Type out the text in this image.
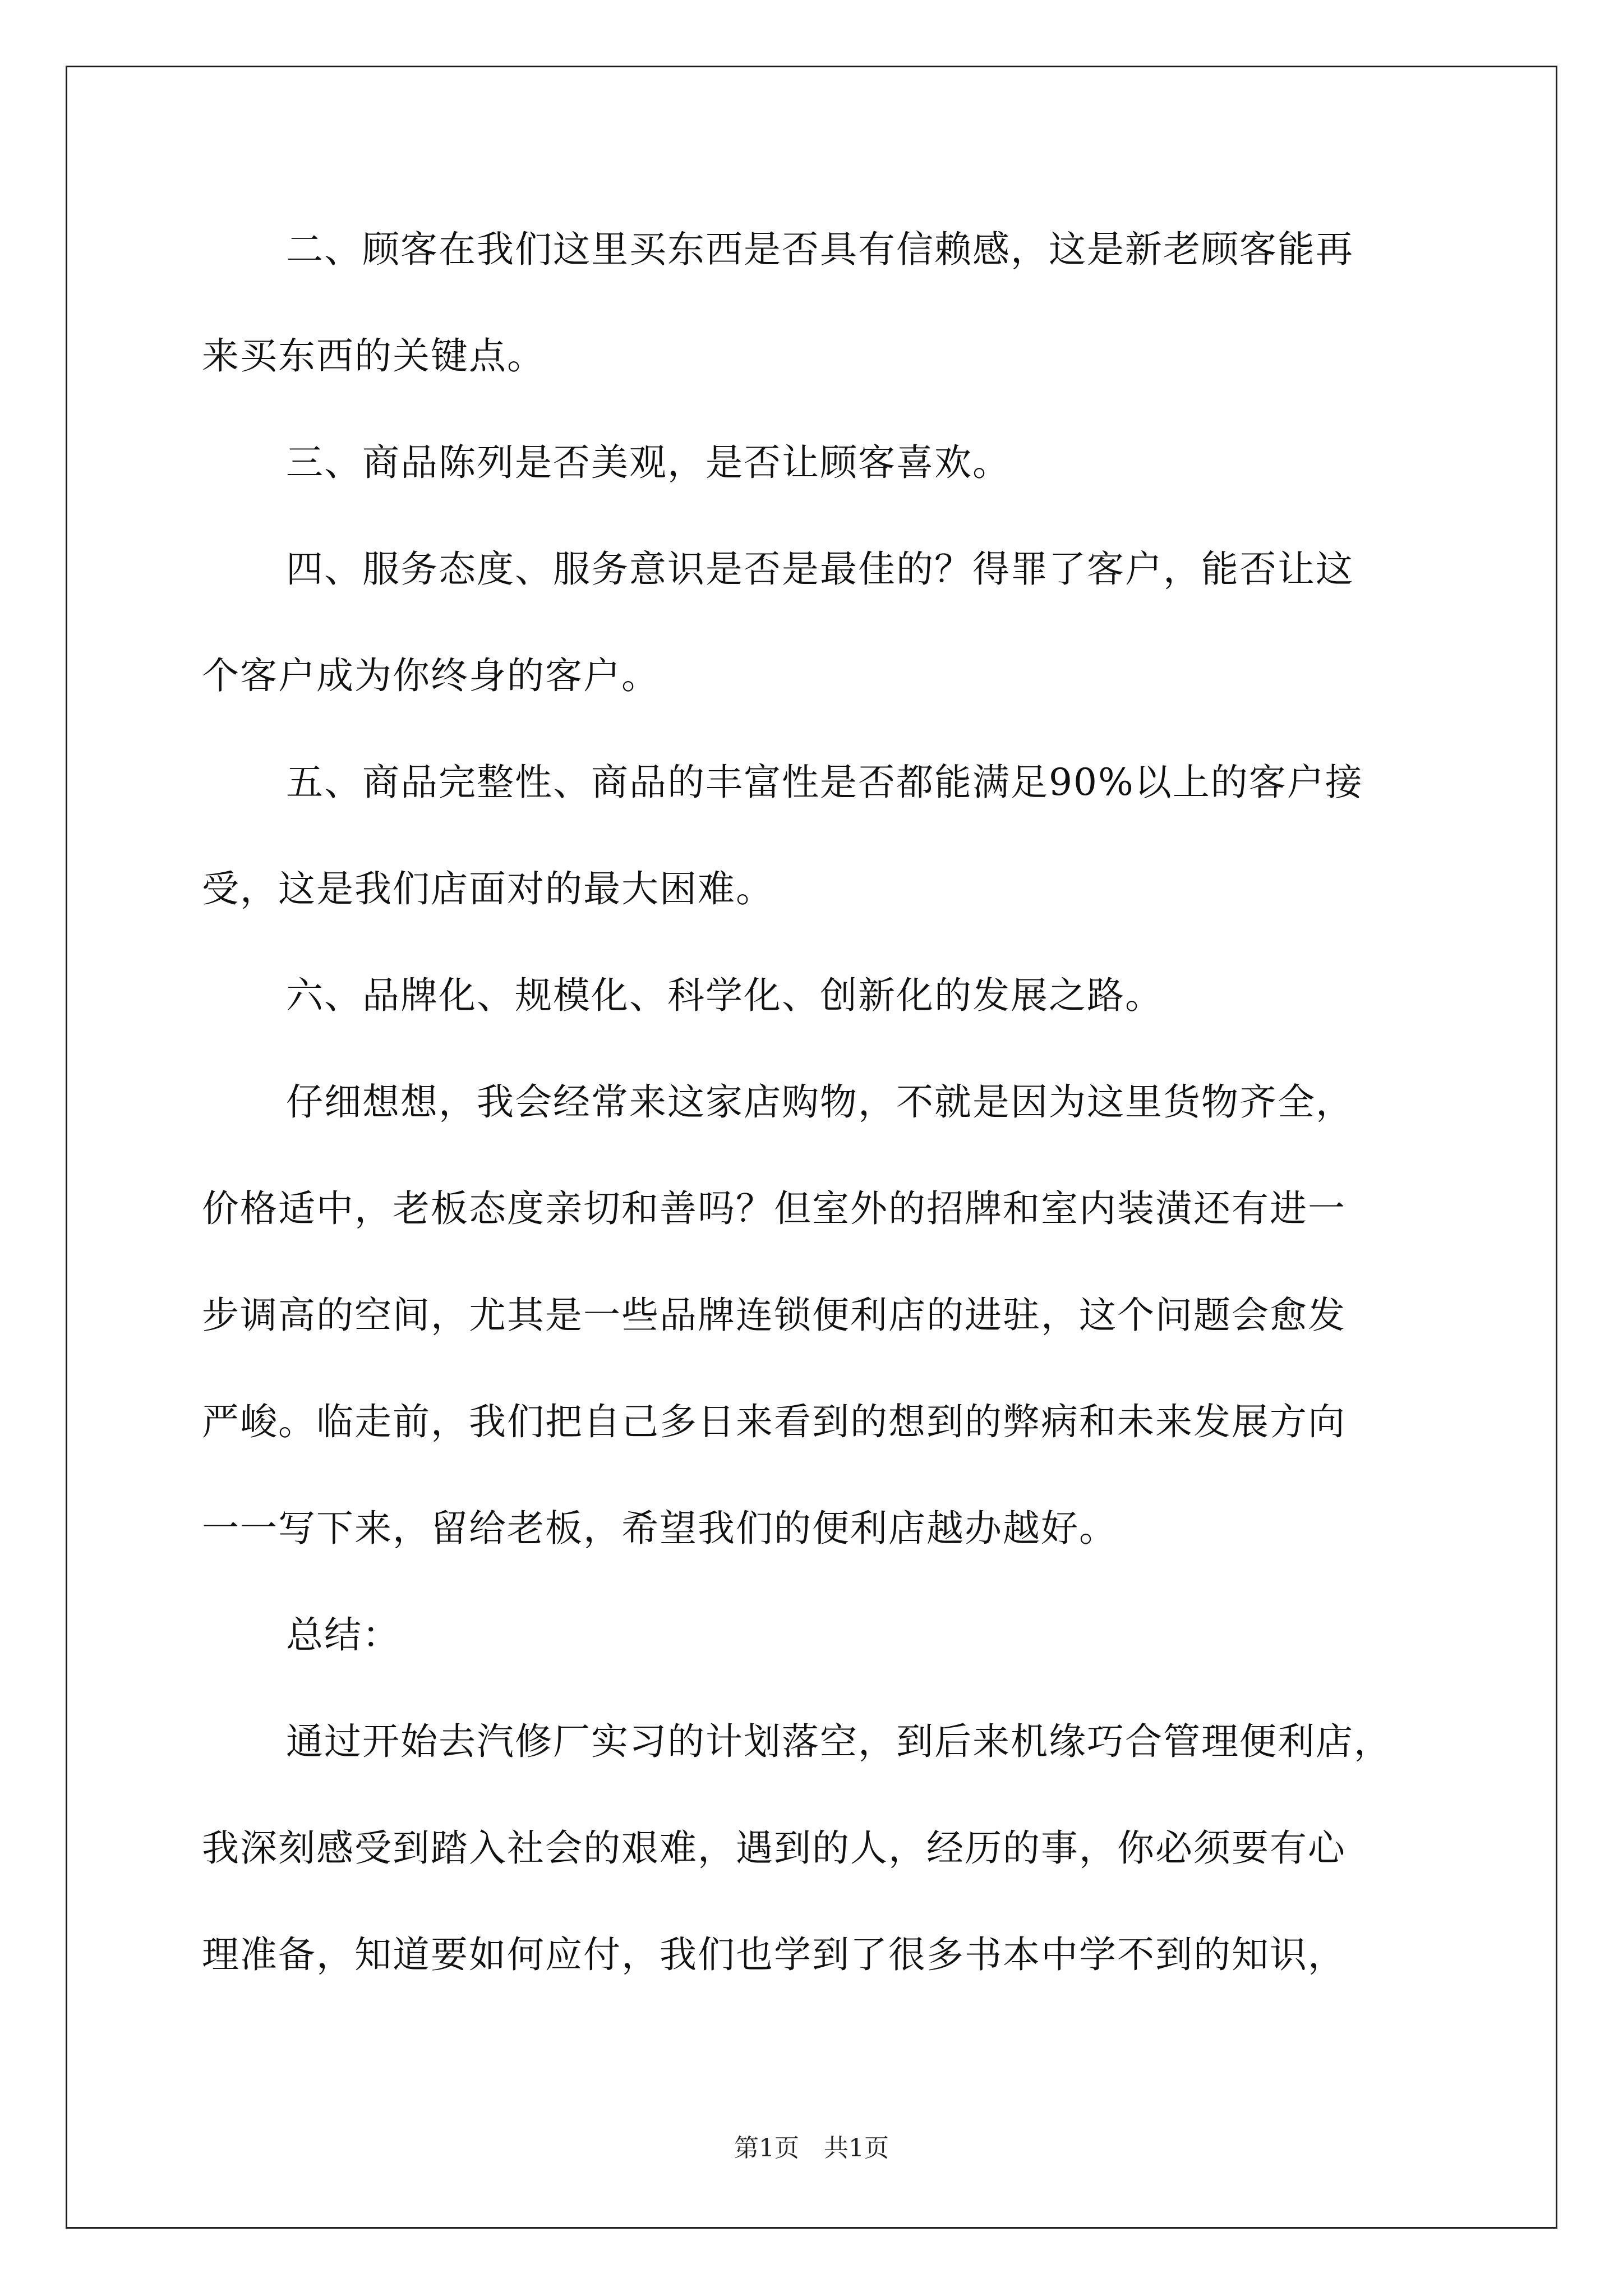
二、顾客在我们这里买东西是否具有信赖感，这是新老顾客能再
来买东西的关键点。
三、商品陈列是否美观，是否让顾客喜欢。
四、服务态度、服务意识是否是最佳的？得罪了客户，能否让这
个客户成为你终身的客户。
五、商品完整性、商品的丰富性是否都能满足90%以上的客户接
受，这是我们店面对的最大困难。
六、品牌化、规模化、科学化、创新化的发展之路。
仔细想想，我会经常来这家店购物，不就是因为这里货物齐全，
价格适中，老板态度亲切和善吗？但室外的招牌和室内装潢还有进一
步调高的空间，尤其是一些品牌连锁便利店的进驻，这个问题会愈发
严峻。临走前，我们把自己多日来看到的想到的弊病和未来发展方向
一一写下来，留给老板，希望我们的便利店越办越好。
总结：
通过开始去汽修厂实习的计划落空，到后来机缘巧合管理便利店，
我深刻感受到踏入社会的艰难，遇到的人，经历的事，你必须要有心
理准备，知道要如何应付，我们也学到了很多书本中学不到的知识，
第1页　共1页
